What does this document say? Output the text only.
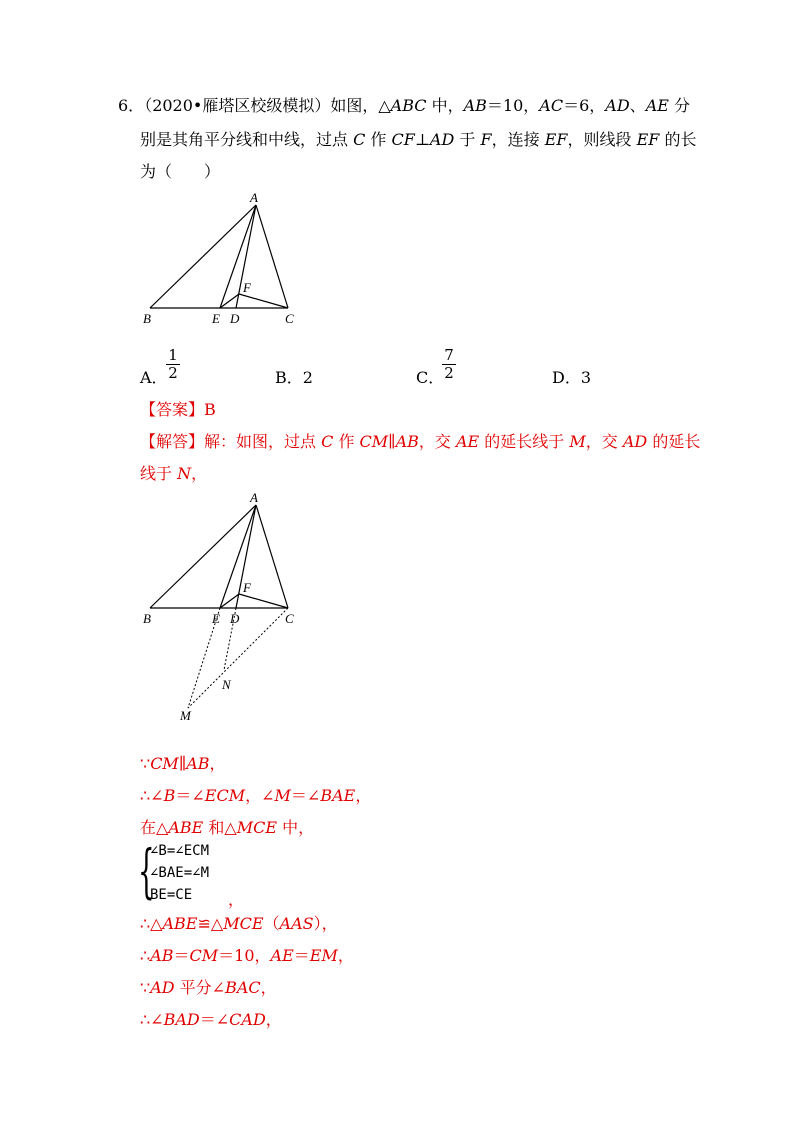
6．（2020•雁塔区校级模拟）如图，△ABC 中，AB＝10，AC＝6，AD、AE 分
别是其角平分线和中线，过点 C 作 CF⊥AD 于 F，连接 EF，则线段 EF 的长
为（　　）
A
B	E D	C
F
A．
1
2	B．2	C．
7
2	D．3
【答案】B
【解答】解：如图，过点 C 作 CM∥AB，交 AE 的延长线于 M，交 AD 的延长
线于 N，
A
B	E D	C
F
N
M
∵CM∥AB，
∴∠B＝∠ECM，∠M＝∠BAE，
在△ABE 和△MCE 中，
{
∠B=∠ECM
∠BAE=∠M
BE=CE	，
∴△ABE≌△MCE（AAS），
∴AB＝CM＝10，AE＝EM，
∵AD 平分∠BAC，
∴∠BAD＝∠CAD，
